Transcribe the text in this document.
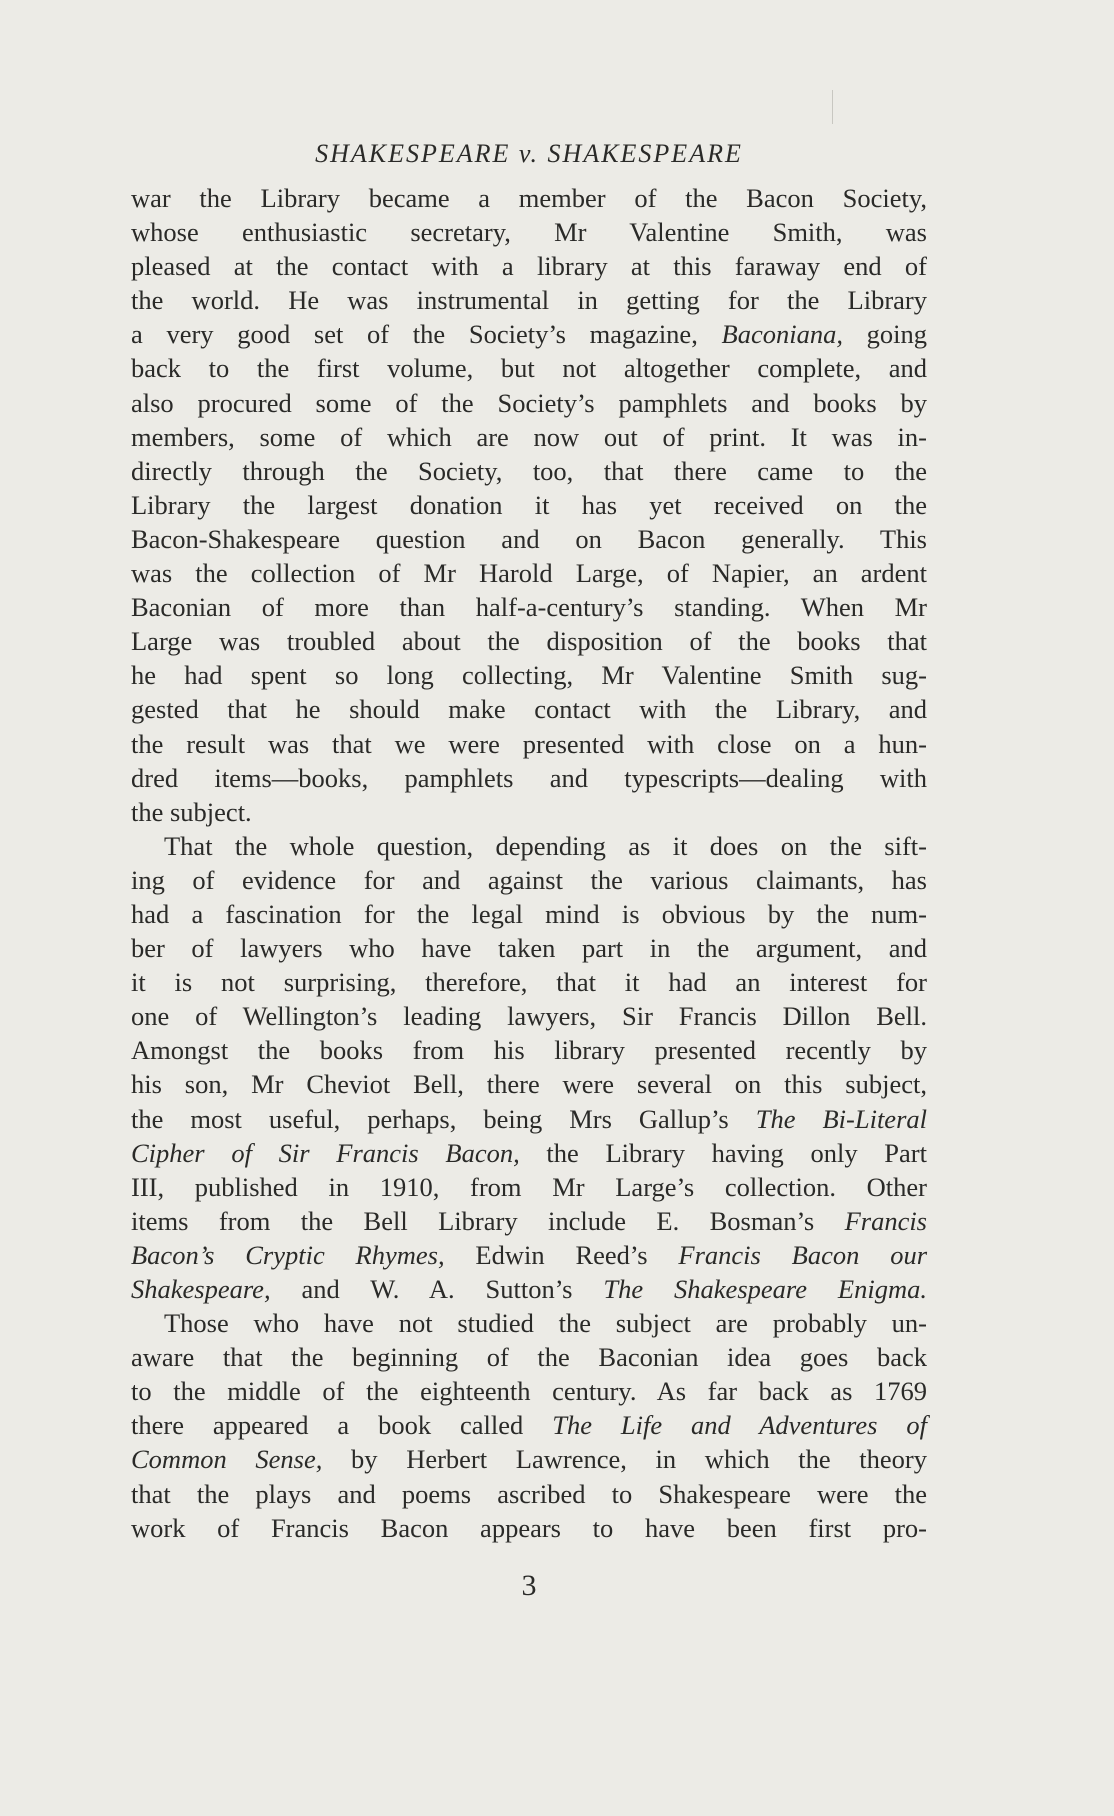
SHAKESPEARE v. SHAKESPEARE
war the Library became a member of the Bacon Society,
whose enthusiastic secretary, Mr Valentine Smith, was
pleased at the contact with a library at this faraway end of
the world. He was instrumental in getting for the Library
a very good set of the Society’s magazine, Baconiana, going
back to the first volume, but not altogether complete, and
also procured some of the Society’s pamphlets and books by
members, some of which are now out of print. It was in-
directly through the Society, too, that there came to the
Library the largest donation it has yet received on the
Bacon-Shakespeare question and on Bacon generally. This
was the collection of Mr Harold Large, of Napier, an ardent
Baconian of more than half-a-century’s standing. When Mr
Large was troubled about the disposition of the books that
he had spent so long collecting, Mr Valentine Smith sug-
gested that he should make contact with the Library, and
the result was that we were presented with close on a hun-
dred items—books, pamphlets and typescripts—dealing with
the subject.
That the whole question, depending as it does on the sift-
ing of evidence for and against the various claimants, has
had a fascination for the legal mind is obvious by the num-
ber of lawyers who have taken part in the argument, and
it is not surprising, therefore, that it had an interest for
one of Wellington’s leading lawyers, Sir Francis Dillon Bell.
Amongst the books from his library presented recently by
his son, Mr Cheviot Bell, there were several on this subject,
the most useful, perhaps, being Mrs Gallup’s The Bi-Literal
Cipher of Sir Francis Bacon, the Library having only Part
III, published in 1910, from Mr Large’s collection. Other
items from the Bell Library include E. Bosman’s Francis
Bacon’s Cryptic Rhymes, Edwin Reed’s Francis Bacon our
Shakespeare, and W. A. Sutton’s The Shakespeare Enigma.
Those who have not studied the subject are probably un-
aware that the beginning of the Baconian idea goes back
to the middle of the eighteenth century. As far back as 1769
there appeared a book called The Life and Adventures of
Common Sense, by Herbert Lawrence, in which the theory
that the plays and poems ascribed to Shakespeare were the
work of Francis Bacon appears to have been first pro-
3
